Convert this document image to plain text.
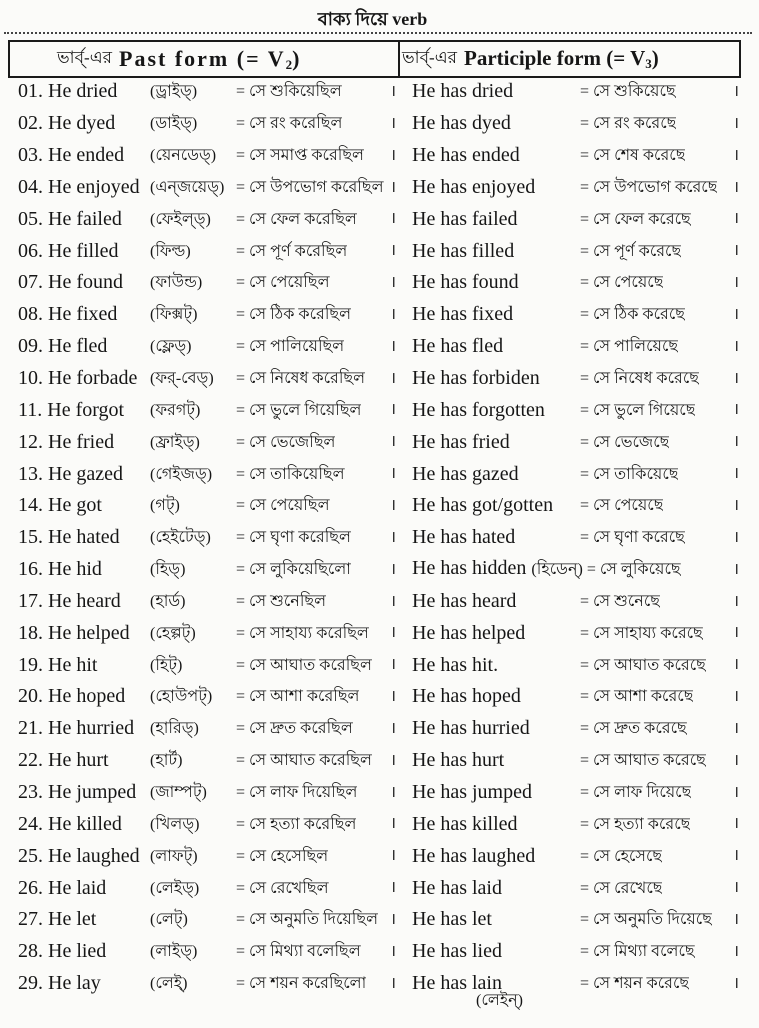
বাক্য দিয়ে verb
ভার্ব্-এর Past form (= $V_2$)	ভার্ব্-এর Participle form (= $V_3$)
01. He dried	(ড্রাইড্)	= সে শুকিয়েছিল	। He has dried	= সে শুকিয়েছে	।
02. He dyed	(ডাইড্)	= সে রং করেছিল	। He has dyed	= সে রং করেছে	।
03. He ended	(য়েনডেড্)	= সে সমাপ্ত করেছিল । He has ended	= সে শেষ করেছে	।
04. He enjoyed (এন্জয়েড্) = সে উপভোগ করেছিল । He has enjoyed	= সে উপভোগ করেছে ।
05. He failed	(ফেইল্ড্)	= সে ফেল করেছিল । He has failed	= সে ফেল করেছে	।
06. He filled	(ফিল্ড)	= সে পূর্ণ করেছিল	। He has filled	= সে পূর্ণ করেছে	।
07. He found	(ফাউন্ড)	= সে পেয়েছিল	। He has found	= সে পেয়েছে	।
08. He fixed	(ফিক্সট্)	= সে ঠিক করেছিল । He has fixed	= সে ঠিক করেছে	।
09. He fled	(ফ্লেড্)	= সে পালিয়েছিল	। He has fled	= সে পালিয়েছে	।
10. He forbade (ফর্-বেড্)	= সে নিষেধ করেছিল । He has forbiden	= সে নিষেধ করেছে ।
11. He forgot	(ফরগট্)	= সে ভুলে গিয়েছিল । He has forgotten	= সে ভুলে গিয়েছে ।
12. He fried	(ফ্রাইড্)	= সে ভেজেছিল	। He has fried	= সে ভেজেছে	।
13. He gazed	(গেইজড্)	= সে তাকিয়েছিল	। He has gazed	= সে তাকিয়েছে	।
14. He got	(গট্)	= সে পেয়েছিল	। He has got/gotten	= সে পেয়েছে	।
15. He hated	(হেইটেড্)	= সে ঘৃণা করেছিল । He has hated	= সে ঘৃণা করেছে	।
16. He hid	(হিড্)	= সে লুকিয়েছিলো । He has hidden (হিডেন্) = সে লুকিয়েছে	।
17. He heard	(হার্ড)	= সে শুনেছিল	। He has heard	= সে শুনেছে	।
18. He helped	(হেল্পট্)	= সে সাহায্য করেছিল । He has helped	= সে সাহায্য করেছে ।
19. He hit	(হিট্)	= সে আঘাত করেছিল । He has hit.	= সে আঘাত করেছে ।
20. He hoped	(হোউপট্)	= সে আশা করেছিল । He has hoped	= সে আশা করেছে ।
21. He hurried (হারিড্)	= সে দ্রুত করেছিল । He has hurried	= সে দ্রুত করেছে	।
22. He hurt	(হার্ট)	= সে আঘাত করেছিল । He has hurt	= সে আঘাত করেছে ।
23. He jumped (জাম্পট্)	= সে লাফ দিয়েছিল । He has jumped	= সে লাফ দিয়েছে	।
24. He killed	(খিলড্)	= সে হত্যা করেছিল । He has killed	= সে হত্যা করেছে	।
25. He laughed (লাফট্)	= সে হেসেছিল	। He has laughed	= সে হেসেছে	।
26. He laid	(লেইড্)	= সে রেখেছিল	। He has laid	= সে রেখেছে	।
27. He let	(লেট্)	= সে অনুমতি দিয়েছিল । He has let	= সে অনুমতি দিয়েছে ।
28. He lied	(লাইড্)	= সে মিথ্যা বলেছিল । He has lied	= সে মিথ্যা বলেছে ।
29. He lay	(লেই্)	= সে শয়ন করেছিলো । He has lain	= সে শয়ন করেছে	।
(লেইন্)
